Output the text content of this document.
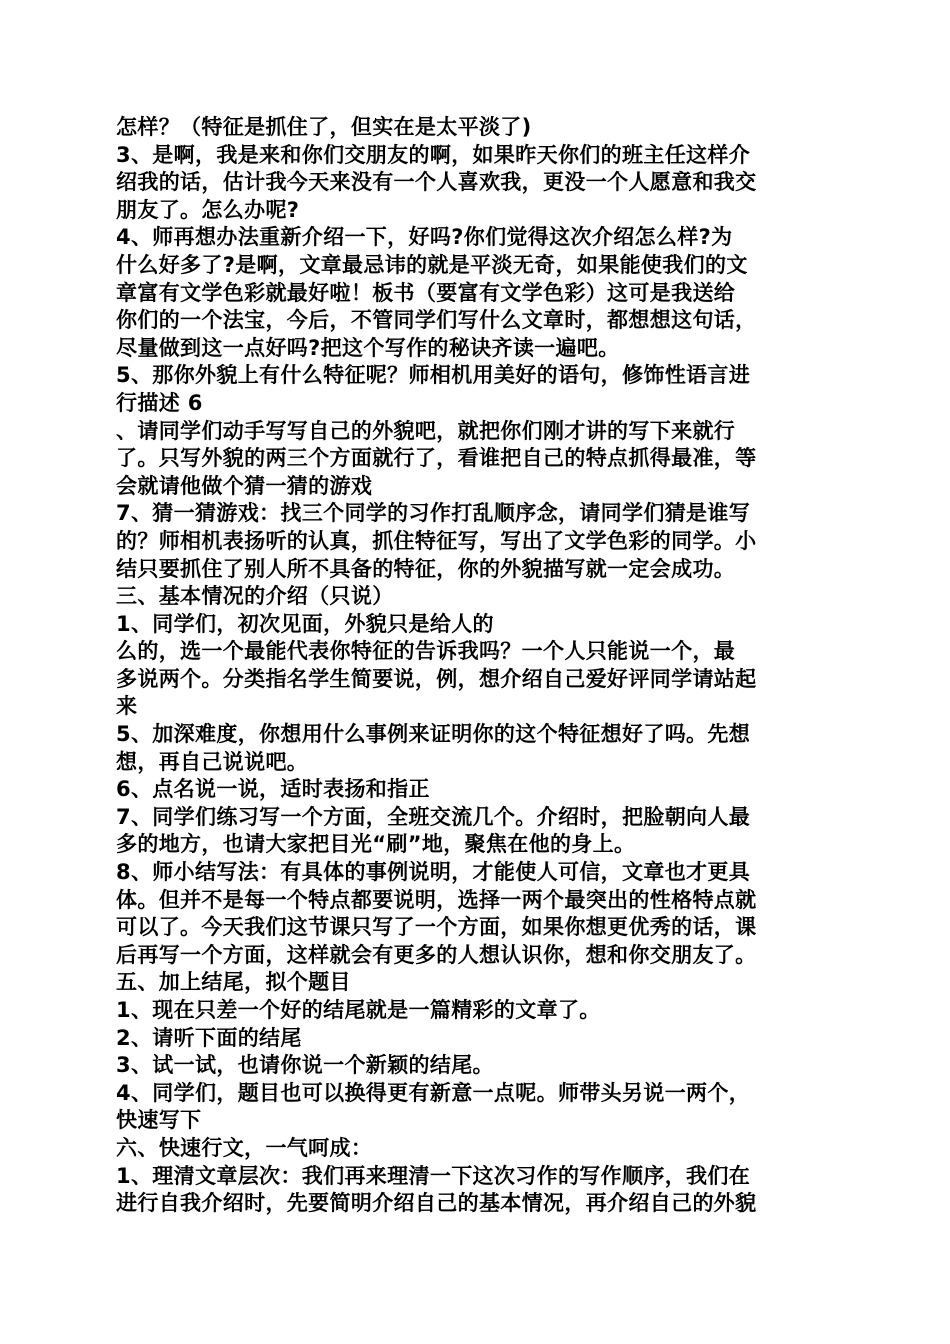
怎样？（特征是抓住了，但实在是太平淡了)
3、是啊，我是来和你们交朋友的啊，如果昨天你们的班主任这样介
绍我的话，估计我今天来没有一个人喜欢我，更没一个人愿意和我交
朋友了。怎么办呢?
4、师再想办法重新介绍一下，好吗?你们觉得这次介绍怎么样?为
什么好多了?是啊，文章最忌讳的就是平淡无奇，如果能使我们的文
章富有文学色彩就最好啦！板书（要富有文学色彩）这可是我送给
你们的一个法宝，今后，不管同学们写什么文章时，都想想这句话，
尽量做到这一点好吗?把这个写作的秘诀齐读一遍吧。
5、那你外貌上有什么特征呢？师相机用美好的语句，修饰性语言进
行描述 6
、请同学们动手写写自己的外貌吧，就把你们刚才讲的写下来就行
了。只写外貌的两三个方面就行了，看谁把自己的特点抓得最准，等
会就请他做个猜一猜的游戏
7、猜一猜游戏：找三个同学的习作打乱顺序念，请同学们猜是谁写
的？师相机表扬听的认真，抓住特征写，写出了文学色彩的同学。小
结只要抓住了别人所不具备的特征，你的外貌描写就一定会成功。
三、基本情况的介绍（只说）
1、同学们，初次见面，外貌只是给人的
么的，选一个最能代表你特征的告诉我吗？一个人只能说一个，最
多说两个。分类指名学生简要说，例，想介绍自己爱好评同学请站起
来
5、加深难度，你想用什么事例来证明你的这个特征想好了吗。先想
想，再自己说说吧。
6、点名说一说，适时表扬和指正
7、同学们练习写一个方面，全班交流几个。介绍时，把脸朝向人最
多的地方，也请大家把目光“刷”地，聚焦在他的身上。
8、师小结写法：有具体的事例说明，才能使人可信，文章也才更具
体。但并不是每一个特点都要说明，选择一两个最突出的性格特点就
可以了。今天我们这节课只写了一个方面，如果你想更优秀的话，课
后再写一个方面，这样就会有更多的人想认识你，想和你交朋友了。
五、加上结尾，拟个题目
1、现在只差一个好的结尾就是一篇精彩的文章了。
2、请听下面的结尾
3、试一试，也请你说一个新颖的结尾。
4、同学们，题目也可以换得更有新意一点呢。师带头另说一两个，
快速写下
六、快速行文，一气呵成：
1、理清文章层次：我们再来理清一下这次习作的写作顺序，我们在
进行自我介绍时，先要简明介绍自己的基本情况，再介绍自己的外貌
